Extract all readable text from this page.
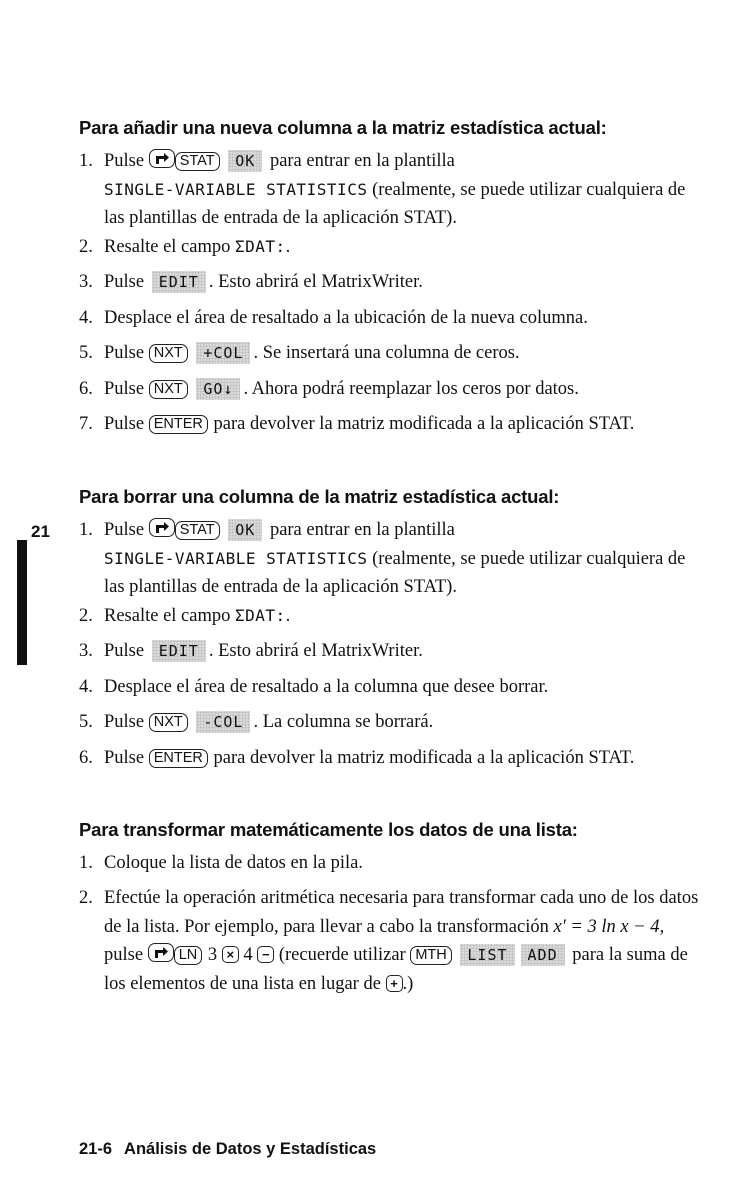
Para añadir una nueva columna a la matriz estadística actual:
1. Pulse STAT OK para entrar en la plantilla
SINGLE-VARIABLE STATISTICS (realmente, se puede utilizar cualquiera de las plantillas de entrada de la aplicación STAT).
2. Resalte el campo ΣDAT:.
3. Pulse EDIT . Esto abrirá el MatrixWriter.
4. Desplace el área de resaltado a la ubicación de la nueva columna.
5. Pulse NXT +COL . Se insertará una columna de ceros.
6. Pulse NXT GO↓ . Ahora podrá reemplazar los ceros por datos.
7. Pulse ENTER para devolver la matriz modificada a la aplicación STAT.
Para borrar una columna de la matriz estadística actual:
21 1. Pulse STAT OK para entrar en la plantilla
SINGLE-VARIABLE STATISTICS (realmente, se puede utilizar cualquiera de las plantillas de entrada de la aplicación STAT).
2. Resalte el campo ΣDAT:.
3. Pulse EDIT . Esto abrirá el MatrixWriter.
4. Desplace el área de resaltado a la columna que desee borrar.
5. Pulse NXT -COL . La columna se borrará.
6. Pulse ENTER para devolver la matriz modificada a la aplicación STAT.
Para transformar matemáticamente los datos de una lista:
1. Coloque la lista de datos en la pila.
2. Efectúe la operación aritmética necesaria para transformar cada uno de los datos de la lista. Por ejemplo, para llevar a cabo la transformación x′ = 3 ln x − 4, pulse LN 3 × 4 − (recuerde utilizar MTH LIST ADD para la suma de los elementos de una lista en lugar de + .)
21-6 Análisis de Datos y Estadísticas
